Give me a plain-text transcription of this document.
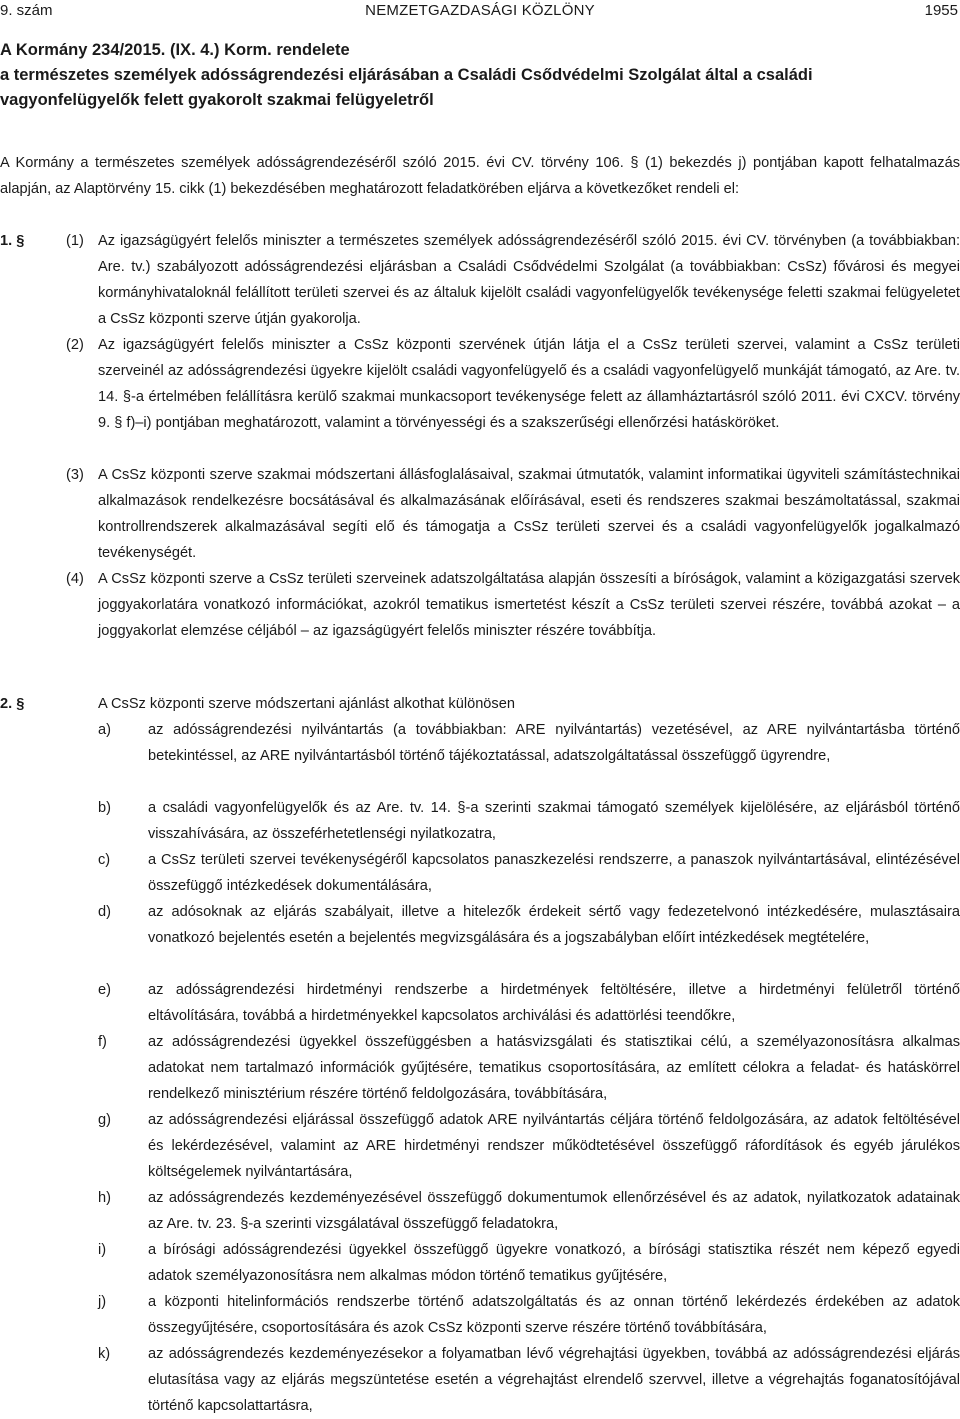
9. szám	NEMZETGAZDASÁGI KÖZLÖNY	1955
A Kormány 234/2015. (IX. 4.) Korm. rendelete
a természetes személyek adósságrendezési eljárásában a Családi Csődvédelmi Szolgálat által a családi
vagyonfelügyelők felett gyakorolt szakmai felügyeletről
A Kormány a természetes személyek adósságrendezéséről szóló 2015. évi CV. törvény 106. § (1) bekezdés j) pontjában kapott felhatalmazás alapján, az Alaptörvény 15. cikk (1) bekezdésében meghatározott feladatkörében eljárva a következőket rendeli el:
1. §	(1) Az igazságügyért felelős miniszter a természetes személyek adósságrendezéséről szóló 2015. évi CV. törvényben (a továbbiakban: Are. tv.) szabályozott adósságrendezési eljárásban a Családi Csődvédelmi Szolgálat (a továbbiakban: CsSz) fővárosi és megyei kormányhivataloknál felállított területi szervei és az általuk kijelölt családi vagyonfelügyelők tevékenysége feletti szakmai felügyeletet a CsSz központi szerve útján gyakorolja.
(2) Az igazságügyért felelős miniszter a CsSz központi szervének útján látja el a CsSz területi szervei, valamint a CsSz területi szerveinél az adósságrendezési ügyekre kijelölt családi vagyonfelügyelő és a családi vagyonfelügyelő munkáját támogató, az Are. tv. 14. §-a értelmében felállításra kerülő szakmai munkacsoport tevékenysége felett az államháztartásról szóló 2011. évi CXCV. törvény 9. § f)–i) pontjában meghatározott, valamint a törvényességi és a szakszerűségi ellenőrzési hatásköröket.
(3) A CsSz központi szerve szakmai módszertani állásfoglalásaival, szakmai útmutatók, valamint informatikai ügyviteli számítástechnikai alkalmazások rendelkezésre bocsátásával és alkalmazásának előírásával, eseti és rendszeres szakmai beszámoltatással, szakmai kontrollrendszerek alkalmazásával segíti elő és támogatja a CsSz területi szervei és a családi vagyonfelügyelők jogalkalmazó tevékenységét.
(4) A CsSz központi szerve a CsSz területi szerveinek adatszolgáltatása alapján összesíti a bíróságok, valamint a közigazgatási szervek joggyakorlatára vonatkozó információkat, azokról tematikus ismertetést készít a CsSz területi szervei részére, továbbá azokat – a joggyakorlat elemzése céljából – az igazságügyért felelős miniszter részére továbbítja.
2. §	A CsSz központi szerve módszertani ajánlást alkothat különösen
a)	az adósságrendezési nyilvántartás (a továbbiakban: ARE nyilvántartás) vezetésével, az ARE nyilvántartásba történő betekintéssel, az ARE nyilvántartásból történő tájékoztatással, adatszolgáltatással összefüggő ügyrendre,
b)	a családi vagyonfelügyelők és az Are. tv. 14. §-a szerinti szakmai támogató személyek kijelölésére, az eljárásból történő visszahívására, az összeférhetetlenségi nyilatkozatra,
c)	a CsSz területi szervei tevékenységéről kapcsolatos panaszkezelési rendszerre, a panaszok nyilvántartásával, elintézésével összefüggő intézkedések dokumentálására,
d)	az adósoknak az eljárás szabályait, illetve a hitelezők érdekeit sértő vagy fedezetelvonó intézkedésére, mulasztásaira vonatkozó bejelentés esetén a bejelentés megvizsgálására és a jogszabályban előírt intézkedések megtételére,
e)	az adósságrendezési hirdetményi rendszerbe a hirdetmények feltöltésére, illetve a hirdetményi felületről történő eltávolítására, továbbá a hirdetményekkel kapcsolatos archiválási és adattörlési teendőkre,
f)	az adósságrendezési ügyekkel összefüggésben a hatásvizsgálati és statisztikai célú, a személyazonosításra alkalmas adatokat nem tartalmazó információk gyűjtésére, tematikus csoportosítására, az említett célokra a feladat- és hatáskörrel rendelkező minisztérium részére történő feldolgozására, továbbítására,
g)	az adósságrendezési eljárással összefüggő adatok ARE nyilvántartás céljára történő feldolgozására, az adatok feltöltésével és lekérdezésével, valamint az ARE hirdetményi rendszer működtetésével összefüggő ráfordítások és egyéb járulékos költségelemek nyilvántartására,
h)	az adósságrendezés kezdeményezésével összefüggő dokumentumok ellenőrzésével és az adatok, nyilatkozatok adatainak az Are. tv. 23. §-a szerinti vizsgálatával összefüggő feladatokra,
i)	a bírósági adósságrendezési ügyekkel összefüggő ügyekre vonatkozó, a bírósági statisztika részét nem képező egyedi adatok személyazonosításra nem alkalmas módon történő tematikus gyűjtésére,
j)	a központi hitelinformációs rendszerbe történő adatszolgáltatás és az onnan történő lekérdezés érdekében az adatok összegyűjtésére, csoportosítására és azok CsSz központi szerve részére történő továbbítására,
k)	az adósságrendezés kezdeményezésekor a folyamatban lévő végrehajtási ügyekben, továbbá az adósságrendezési eljárás elutasítása vagy az eljárás megszüntetése esetén a végrehajtást elrendelő szervvel, illetve a végrehajtás foganatosítójával történő kapcsolattartásra,
